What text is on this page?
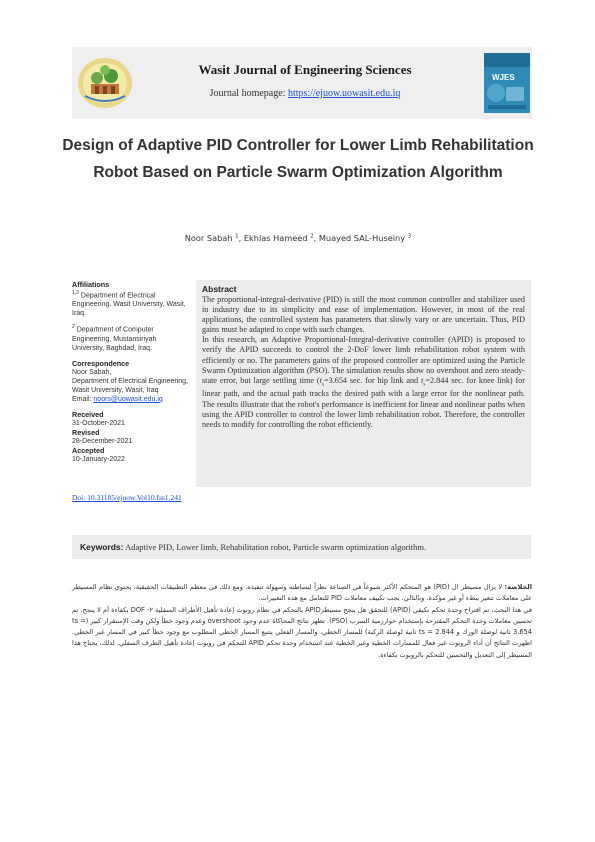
Wasit Journal of Engineering Sciences
Journal homepage: https://ejuow.uowasit.edu.iq
WJES
Design of Adaptive PID Controller for Lower Limb Rehabilitation Robot Based on Particle Swarm Optimization Algorithm
Noor Sabah $^1$, Ekhlas Hameed $^2$, Muayed SAL-Huseiny $^3$
Affiliations
$^{1,3}$ Department of Electrical Engineering, Wasit University, Wasit, Iraq.
$^2$ Department of Computer Engineering, Mustansiriyah University, Baghdad, Iraq.
Correspondence
Noor Sabah,
Department of Electrical Engineering, Wasit University, Wasit, Iraq
Email: noors@uowasit.edu.iq
Received
31-October-2021
Revised
28-December-2021
Accepted
10-January-2022
Doi: 10.31185/ejuow.Vol10.Iss1.241
Abstract

The proportional-integral-derivative (PID) is still the most common controller and stabilizer used in industry due to its simplicity and ease of implementation. However, in most of the real applications, the controlled system has parameters that slowly vary or are uncertain. Thus, PID gains must be adapted to cope with such changes.

In this research, an Adaptive Proportional-Integral-derivative controller (APID) is proposed to verify the APID succeeds to control the 2-DoF lower limb rehabilitation robot system with efficiently or no. The parameters gains of the proposed controller are optimized using the Particle Swarm Optimization algorithm (PSO). The simulation results show no overshoot and zero steady-state error, but large settling time ($t_s=3.654$ sec. for hip link and $t_s=2.844$ sec. for knee link) for linear path, and the actual path tracks the desired path with a large error for the nonlinear path. The results illustrate that the robot's performance is inefficient for linear and nonlinear paths when using the APID controller to control the lower limb rehabilitation robot. Therefore, the controller needs to modify for controlling the robot efficiently.

Keywords: Adaptive PID, Lower limb, Rehabilitation robot, Particle swarm optimization algorithm.

الخلاصة: لا يزال مسيطر ال (PID) هو المتحكم الأكثر شيوعاً في الصناعة نظراً لبساطته وسهولة تنفيذه. ومع ذلك في معظم التطبيقات الحقيقية، يحتوي نظام المسيطر على معاملات تتغير ببطء أو غير مؤكدة. وبالتالي، يجب تكييف معاملات PID للتعامل مع هذه التغييرات.

في هذا البحث، تم اقتراح وحدة تحكم تكيفي (APID) للتحقق هل ينجح مسيطرAPID بالتحكم في نظام روبوت إعادة تأهيل الأطراف السفلية ٢- DOF بكفاءة أم لا ينجح. تم تحسين معاملات وحدة التحكم المقترحة بإستخدام خوارزمية السرب (PSO). تظهر نتائج المحاكاة عدم وجود overshoot وعدم وجود خطأ ولكن وقت الإستقرار كبير (ts = 3.654 ثانية لوصلة الورك و ts = 2.844 ثانية لوصلة الركبة) للمسار الخطي، والمسار الفعلي يتتبع المسار الخطي المطلوب مع وجود خطأ كبير في المسار غير الخطي. اظهرت النتائج أن أداء الروبوت غير فعال للمسارات الخطية وغير الخطية عند استخدام وحدة تحكم APID للتحكم في روبوت إعادة تأهيل الطرف السفلي. لذلك، يحتاج هذا المسيطر إلى التعديل والتحسين للتحكم بالروبوت بكفاءة.
